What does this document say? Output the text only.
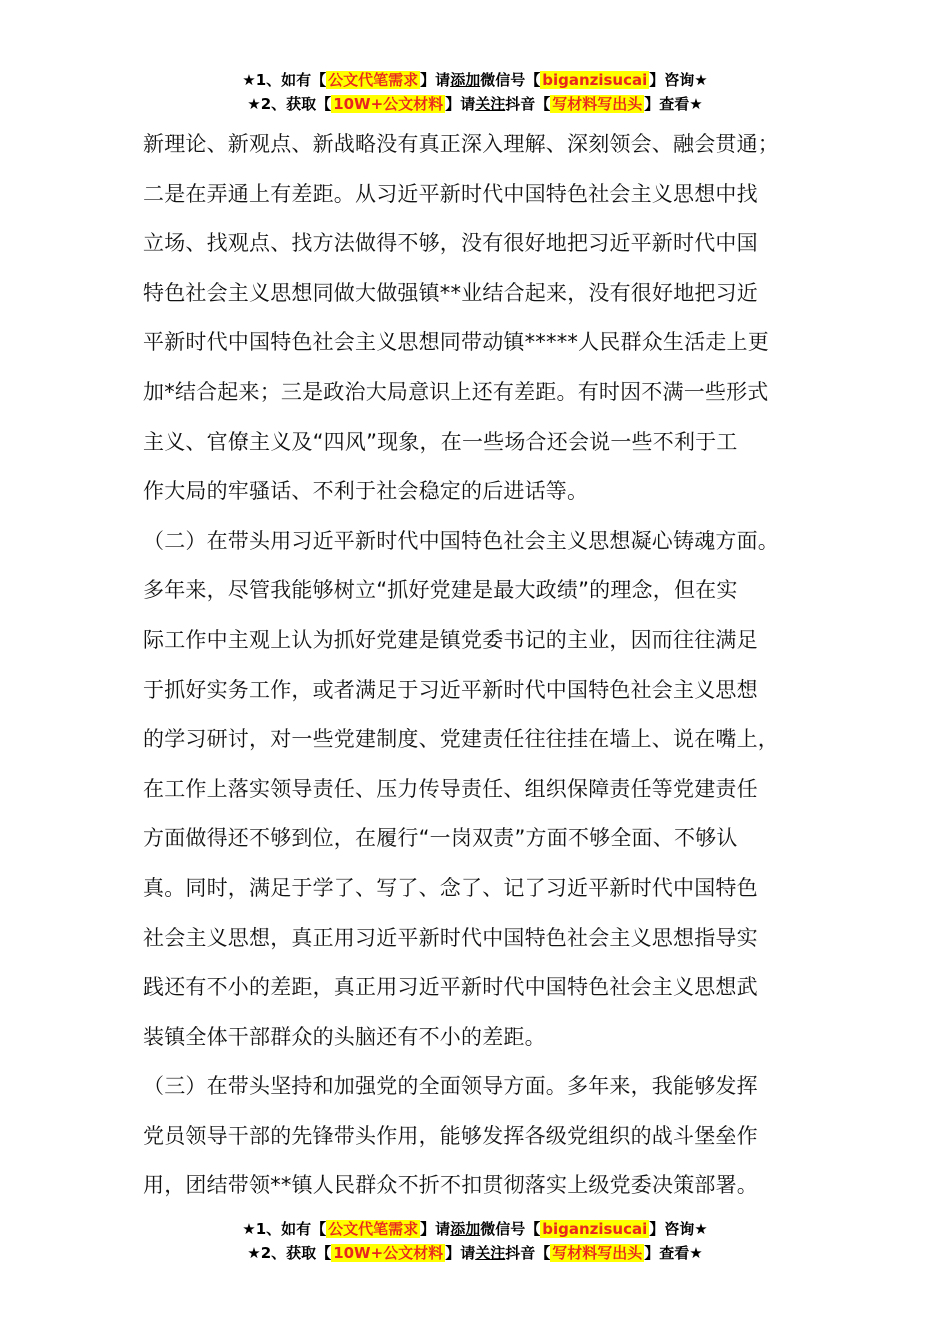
★1、如有【 公文代笔需求 】请添加微信号【 biganzisucai 】咨询★
★2、获取【 10W+公文材料 】请关注抖音【 写材料写出头 】查看★

新理论、新观点、新战略没有真正深入理解、深刻领会、融会贯通；

二是在弄通上有差距。从习近平新时代中国特色社会主义思想中找

立场、找观点、找方法做得不够，没有很好地把习近平新时代中国

特色社会主义思想同做大做强镇**业结合起来，没有很好地把习近

平新时代中国特色社会主义思想同带动镇*****人民群众生活走上更

加*结合起来；三是政治大局意识上还有差距。有时因不满一些形式

主义、官僚主义及“四风”现象，在一些场合还会说一些不利于工

作大局的牢骚话、不利于社会稳定的后进话等。

（二）在带头用习近平新时代中国特色社会主义思想凝心铸魂方面。

多年来，尽管我能够树立“抓好党建是最大政绩”的理念，但在实

际工作中主观上认为抓好党建是镇党委书记的主业，因而往往满足

于抓好实务工作，或者满足于习近平新时代中国特色社会主义思想

的学习研讨，对一些党建制度、党建责任往往挂在墙上、说在嘴上，

在工作上落实领导责任、压力传导责任、组织保障责任等党建责任

方面做得还不够到位，在履行“一岗双责”方面不够全面、不够认

真。同时，满足于学了、写了、念了、记了习近平新时代中国特色

社会主义思想，真正用习近平新时代中国特色社会主义思想指导实

践还有不小的差距，真正用习近平新时代中国特色社会主义思想武

装镇全体干部群众的头脑还有不小的差距。

（三）在带头坚持和加强党的全面领导方面。多年来，我能够发挥

党员领导干部的先锋带头作用，能够发挥各级党组织的战斗堡垒作

用，团结带领**镇人民群众不折不扣贯彻落实上级党委决策部署。

★1、如有【 公文代笔需求 】请添加微信号【 biganzisucai 】咨询★
★2、获取【 10W+公文材料 】请关注抖音【 写材料写出头 】查看★
